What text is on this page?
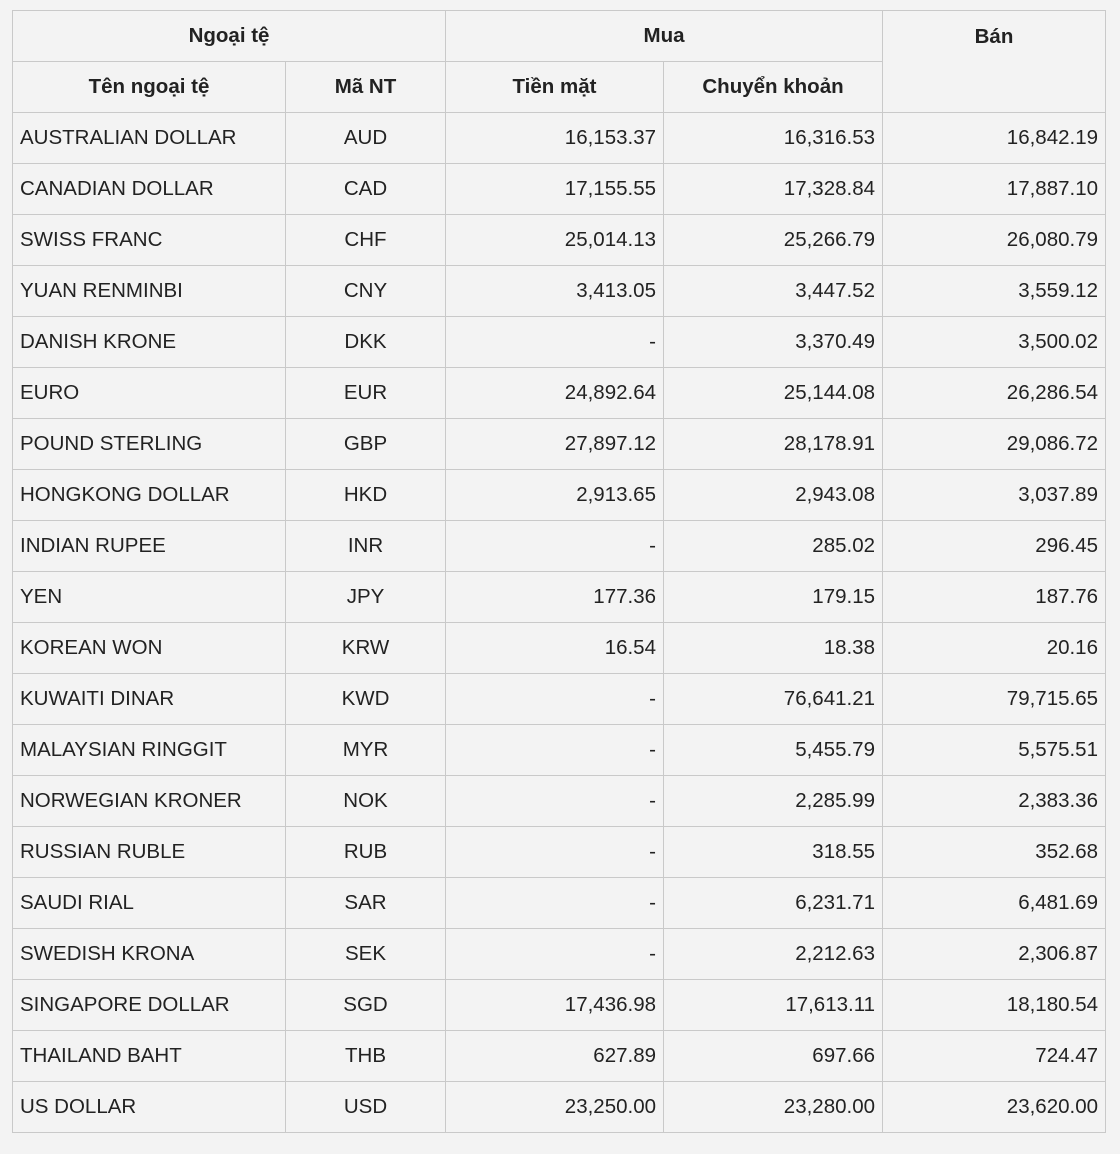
Ngoại tệ		Mua		Bán
Tên ngoại tệ	Mã NT	Tiền mặt	Chuyển khoản	
AUSTRALIAN DOLLAR	AUD	16,153.37	16,316.53	16,842.19
CANADIAN DOLLAR	CAD	17,155.55	17,328.84	17,887.10
SWISS FRANC	CHF	25,014.13	25,266.79	26,080.79
YUAN RENMINBI	CNY	3,413.05	3,447.52	3,559.12
DANISH KRONE	DKK	-	3,370.49	3,500.02
EURO	EUR	24,892.64	25,144.08	26,286.54
POUND STERLING	GBP	27,897.12	28,178.91	29,086.72
HONGKONG DOLLAR	HKD	2,913.65	2,943.08	3,037.89
INDIAN RUPEE	INR	-	285.02	296.45
YEN	JPY	177.36	179.15	187.76
KOREAN WON	KRW	16.54	18.38	20.16
KUWAITI DINAR	KWD	-	76,641.21	79,715.65
MALAYSIAN RINGGIT	MYR	-	5,455.79	5,575.51
NORWEGIAN KRONER	NOK	-	2,285.99	2,383.36
RUSSIAN RUBLE	RUB	-	318.55	352.68
SAUDI RIAL	SAR	-	6,231.71	6,481.69
SWEDISH KRONA	SEK	-	2,212.63	2,306.87
SINGAPORE DOLLAR	SGD	17,436.98	17,613.11	18,180.54
THAILAND BAHT	THB	627.89	697.66	724.47
US DOLLAR	USD	23,250.00	23,280.00	23,620.00
